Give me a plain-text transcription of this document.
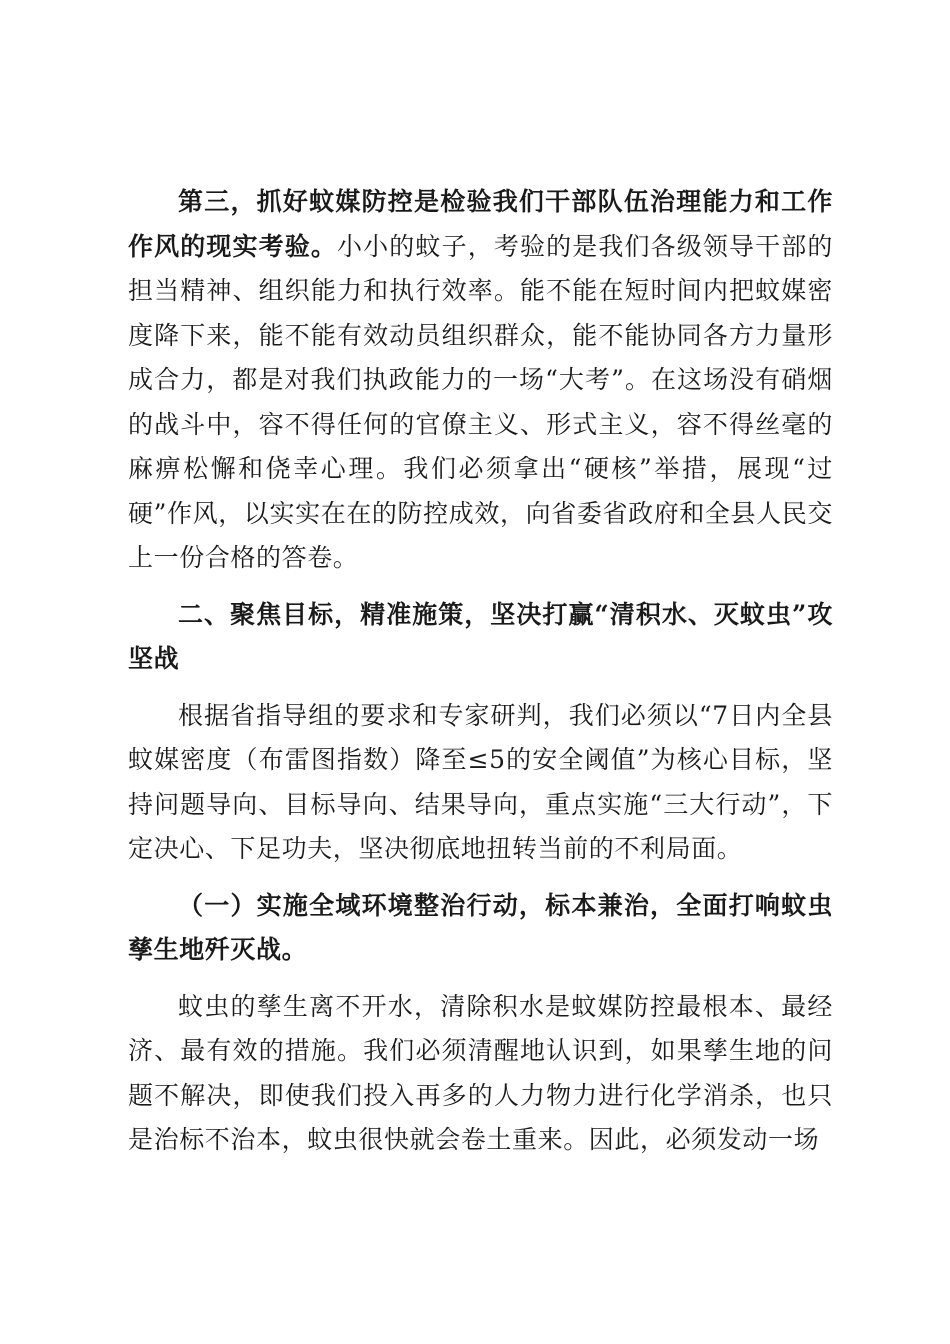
第三，抓好蚊媒防控是检验我们干部队伍治理能力和工作作风的现实考验。小小的蚊子，考验的是我们各级领导干部的担当精神、组织能力和执行效率。能不能在短时间内把蚊媒密度降下来，能不能有效动员组织群众，能不能协同各方力量形成合力，都是对我们执政能力的一场“大考”。在这场没有硝烟的战斗中，容不得任何的官僚主义、形式主义，容不得丝毫的麻痹松懈和侥幸心理。我们必须拿出“硬核”举措，展现“过硬”作风，以实实在在的防控成效，向省委省政府和全县人民交上一份合格的答卷。

二、聚焦目标，精准施策，坚决打赢“清积水、灭蚊虫”攻坚战

根据省指导组的要求和专家研判，我们必须以“7日内全县蚊媒密度（布雷图指数）降至≤5的安全阈值”为核心目标，坚持问题导向、目标导向、结果导向，重点实施“三大行动”，下定决心、下足功夫，坚决彻底地扭转当前的不利局面。

（一）实施全域环境整治行动，标本兼治，全面打响蚊虫孳生地歼灭战。

蚊虫的孳生离不开水，清除积水是蚊媒防控最根本、最经济、最有效的措施。我们必须清醒地认识到，如果孳生地的问题不解决，即使我们投入再多的人力物力进行化学消杀，也只是治标不治本，蚊虫很快就会卷土重来。因此，必须发动一场
